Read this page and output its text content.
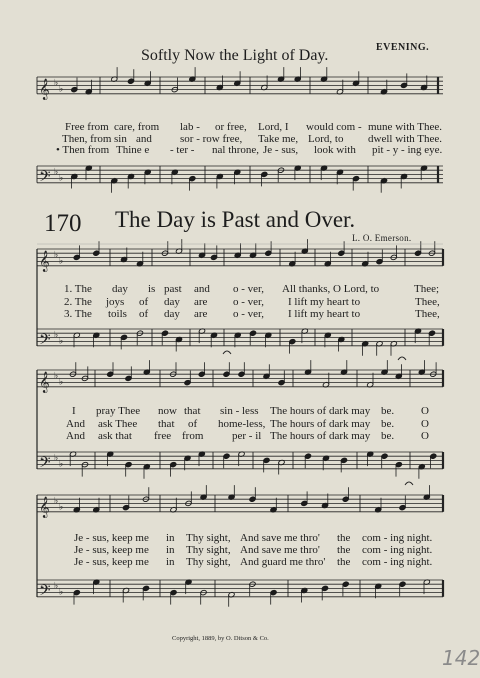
𝄞 ♭
♭
𝄢 ♭
♭
𝄞 ♭
♭
𝄢 ♭
♭
𝄞 ♭
♭
𝄢 ♭
♭
𝄞 ♭
♭
𝄢 ♭
♭
EVENING.
Softly Now the Light of Day.
Free from care, from lab - or free, Lord, I would com - mune with Thee.
Then, from sin and	sor - row free, Take me, Lord, to dwell with Thee.
• Then from Thine e - ter - nal throne, Je - sus, look with pit - y - ing eye.
170 The Day is Past and Over.
L. O. Emerson.
1. The day is past and o - ver, All thanks, O Lord, to	Thee;
2. The joys of day are o - ver, I lift my heart to	Thee,
3. The toils of day are o - ver, I lift my heart to	Thee,
I pray Thee now that sin - less The hours of dark may be. O
And ask Thee that of home-less, The hours of dark may be. O
And ask that free from	per - il The hours of dark may be. O
Je - sus, keep me in Thy sight, And save me thro' the com - ing night.
Je - sus, keep me in Thy sight, And save me thro' the com - ing night.
Je - sus, keep me in Thy sight, And guard me thro' the com - ing night.
Copyright, 1889, by O. Ditson & Co.
142
